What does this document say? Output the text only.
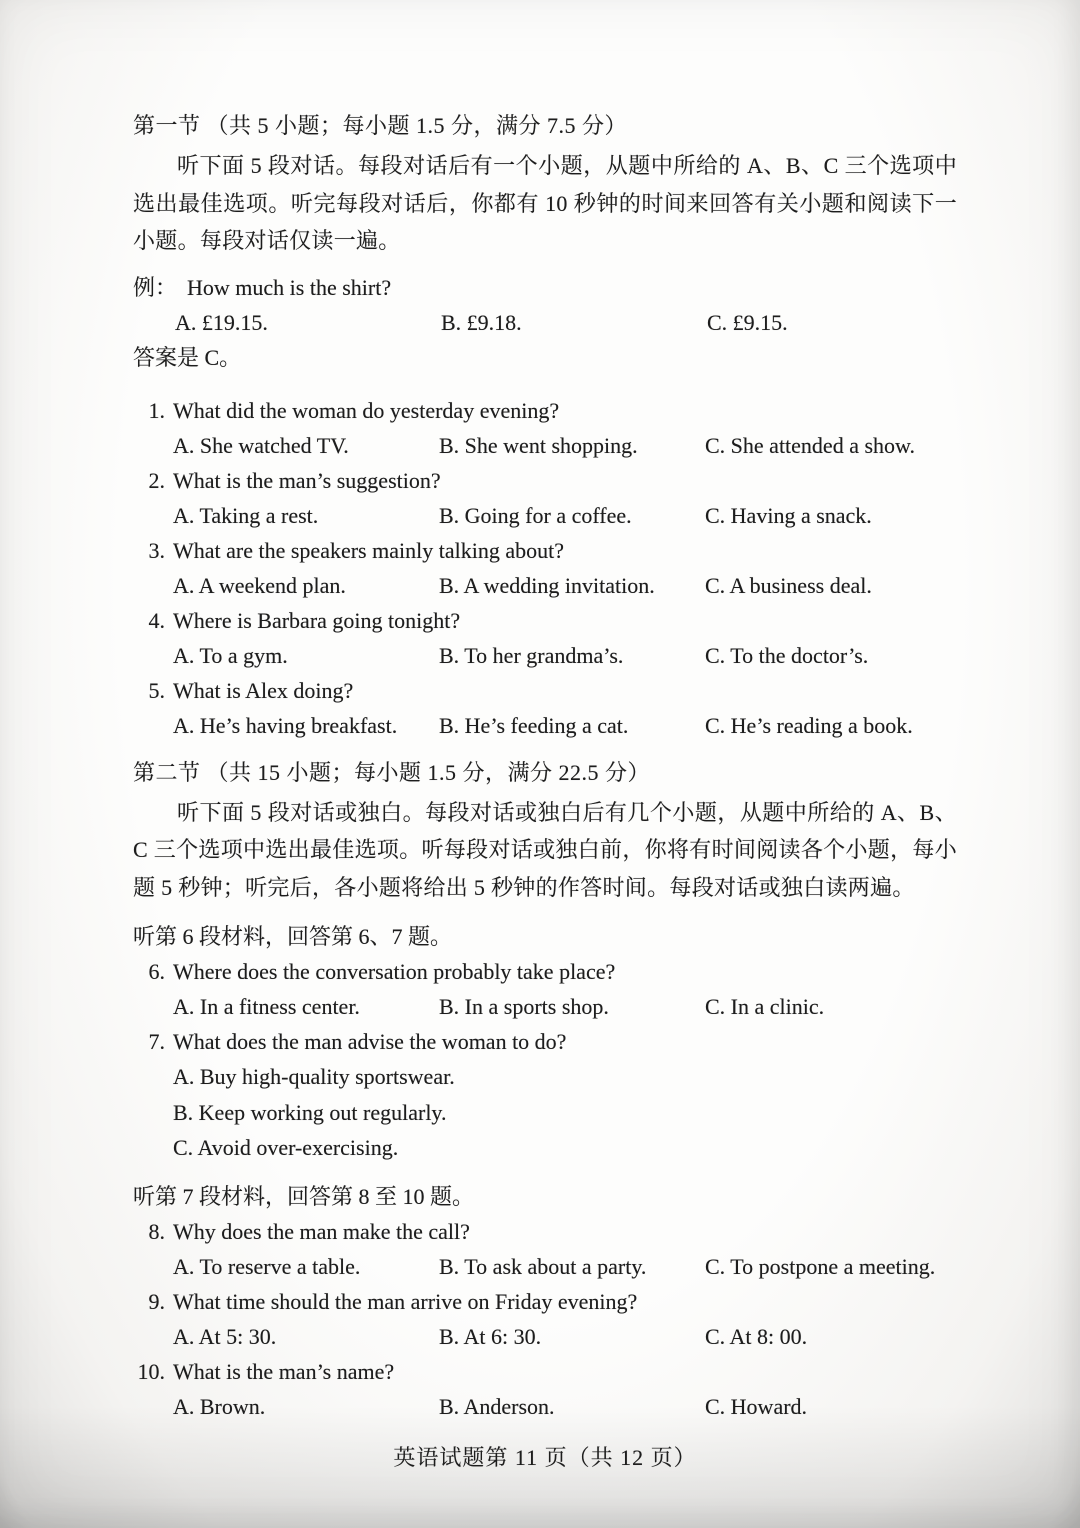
第一节 （共 5 小题；每小题 1.5 分，满分 7.5 分）

听下面 5 段对话。每段对话后有一个小题，从题中所给的 A、B、C 三个选项中选出最佳选项。听完每段对话后，你都有 10 秒钟的时间来回答有关小题和阅读下一小题。每段对话仅读一遍。

例： How much is the shirt?
A. £19.15.	B. £9.18.	C. £9.15.
答案是 C。
1. What did the woman do yesterday evening?
A. She watched TV.	B. She went shopping.	C. She attended a show.
2. What is the man’s suggestion?
A. Taking a rest.	B. Going for a coffee.	C. Having a snack.
3. What are the speakers mainly talking about?
A. A weekend plan.	B. A wedding invitation.	C. A business deal.
4. Where is Barbara going tonight?
A. To a gym.	B. To her grandma’s.	C. To the doctor’s.
5. What is Alex doing?
A. He’s having breakfast.	B. He’s feeding a cat.	C. He’s reading a book.
第二节 （共 15 小题；每小题 1.5 分，满分 22.5 分）

听下面 5 段对话或独白。每段对话或独白后有几个小题，从题中所给的 A、B、C 三个选项中选出最佳选项。听每段对话或独白前，你将有时间阅读各个小题，每小题 5 秒钟；听完后，各小题将给出 5 秒钟的作答时间。每段对话或独白读两遍。

听第 6 段材料，回答第 6、7 题。
6. Where does the conversation probably take place?
A. In a fitness center.	B. In a sports shop.	C. In a clinic.
7. What does the man advise the woman to do?
A. Buy high-quality sportswear.
B. Keep working out regularly.
C. Avoid over-exercising.
听第 7 段材料，回答第 8 至 10 题。
8. Why does the man make the call?
A. To reserve a table.	B. To ask about a party.	C. To postpone a meeting.
9. What time should the man arrive on Friday evening?
A. At 5: 30.	B. At 6: 30.	C. At 8: 00.
10. What is the man’s name?
A. Brown.	B. Anderson.	C. Howard.
英语试题第 11 页（共 12 页）
